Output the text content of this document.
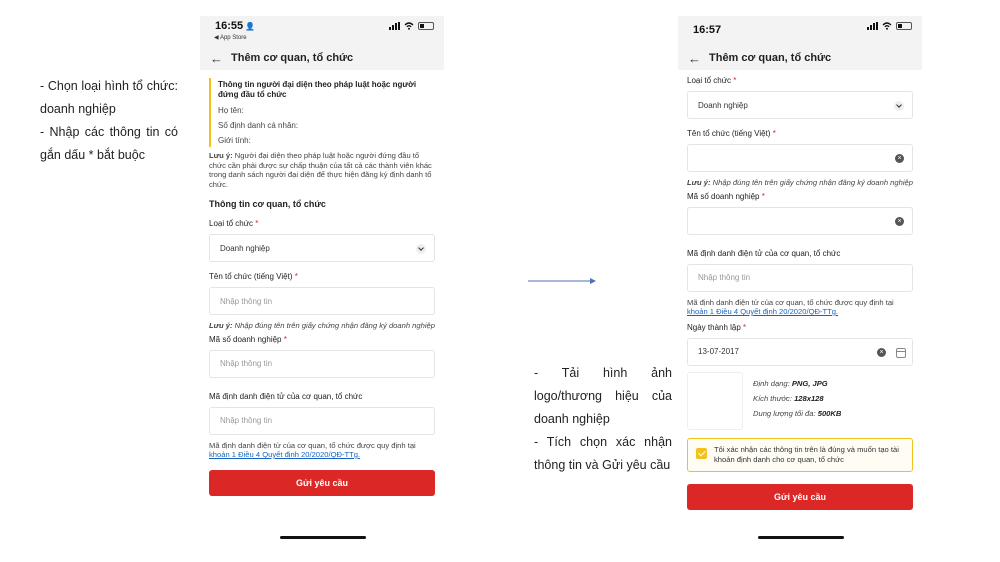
- Chọn loại hình tổ chức: doanh nghiệp

- Nhập các thông tin có gắn dấu * bắt buộc

16:55 👤
◀ App Store
← Thêm cơ quan, tổ chức
Thông tin người đại diện theo pháp luật hoặc người đứng đầu tổ chức
Họ tên:
Số định danh cá nhân:
Giới tính:
Lưu ý: Người đại diện theo pháp luật hoặc người đứng đầu tổ chức cần phải được sự chấp thuận của tất cả các thành viên khác trong danh sách người đại diện để thực hiện đăng ký định danh tổ chức.
Thông tin cơ quan, tổ chức
Loại tổ chức *
Doanh nghiệp
Tên tổ chức (tiếng Việt) *
Nhập thông tin
Lưu ý: Nhập đúng tên trên giấy chứng nhận đăng ký doanh nghiệp
Mã số doanh nghiệp *
Nhập thông tin
Mã định danh điện tử của cơ quan, tổ chức
Nhập thông tin
Mã định danh điện tử của cơ quan, tổ chức được quy định tại khoản 1 Điều 4 Quyết định 20/2020/QĐ-TTg.
Gửi yêu cầu

- Tải hình ảnh logo/thương hiệu của doanh nghiệp

- Tích chọn xác nhận thông tin và Gửi yêu cầu

16:57
← Thêm cơ quan, tổ chức
Loại tổ chức *
Doanh nghiệp
Tên tổ chức (tiếng Việt) *
×
Lưu ý: Nhập đúng tên trên giấy chứng nhận đăng ký doanh nghiệp
Mã số doanh nghiệp *
×
Mã định danh điện tử của cơ quan, tổ chức
Nhập thông tin
Mã định danh điện tử của cơ quan, tổ chức được quy định tại khoản 1 Điều 4 Quyết định 20/2020/QĐ-TTg.
Ngày thành lập *
13-07-2017	×
Định dạng: PNG, JPG
Kích thước: 128x128
Dung lượng tối đa: 500KB
Tôi xác nhận các thông tin trên là đúng và muốn tạo tài khoản định danh cho cơ quan, tổ chức
Gửi yêu cầu
